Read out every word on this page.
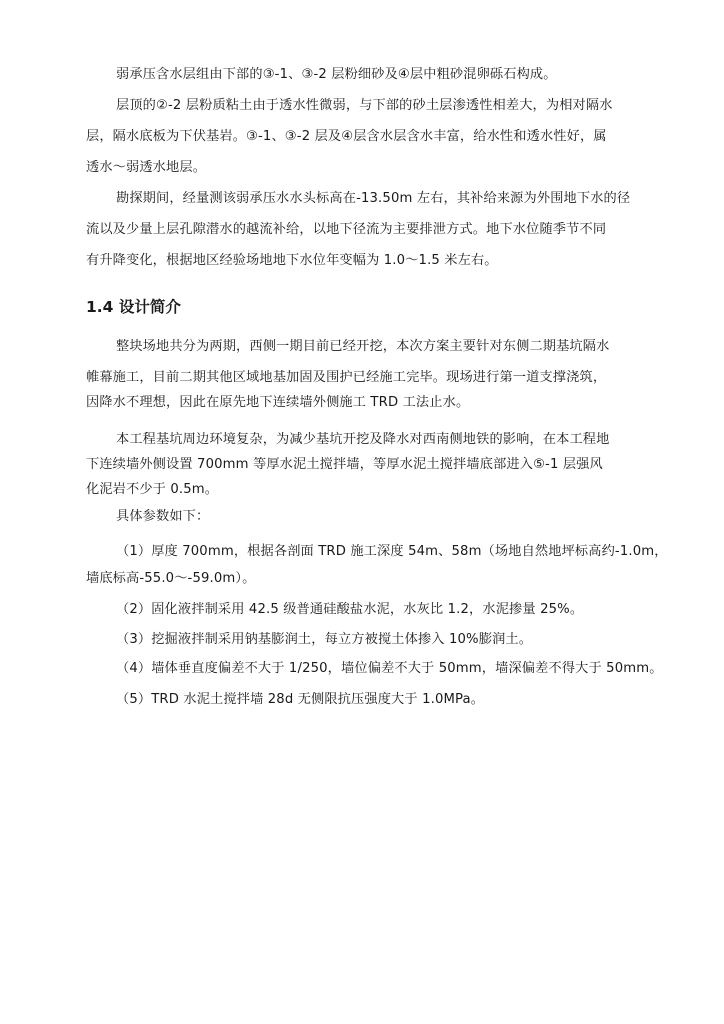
弱承压含水层组由下部的③-1、③-2 层粉细砂及④层中粗砂混卵砾石构成。
层顶的②-2 层粉质粘土由于透水性微弱，与下部的砂土层渗透性相差大，为相对隔水
层，隔水底板为下伏基岩。③-1、③-2 层及④层含水层含水丰富，给水性和透水性好，属
透水～弱透水地层。
勘探期间，经量测该弱承压水水头标高在-13.50m 左右，其补给来源为外围地下水的径
流以及少量上层孔隙潜水的越流补给，以地下径流为主要排泄方式。地下水位随季节不同
有升降变化，根据地区经验场地地下水位年变幅为 1.0～1.5 米左右。
1.4 设计简介
整块场地共分为两期，西侧一期目前已经开挖，本次方案主要针对东侧二期基坑隔水
帷幕施工，目前二期其他区域地基加固及围护已经施工完毕。现场进行第一道支撑浇筑，
因降水不理想，因此在原先地下连续墙外侧施工 TRD 工法止水。
本工程基坑周边环境复杂，为减少基坑开挖及降水对西南侧地铁的影响，在本工程地
下连续墙外侧设置 700mm 等厚水泥土搅拌墙，等厚水泥土搅拌墙底部进入⑤-1 层强风
化泥岩不少于 0.5m。
具体参数如下：
（1）厚度 700mm，根据各剖面 TRD 施工深度 54m、58m（场地自然地坪标高约-1.0m，
墙底标高-55.0～-59.0m）。
（2）固化液拌制采用 42.5 级普通硅酸盐水泥，水灰比 1.2，水泥掺量 25%。
（3）挖掘液拌制采用钠基膨润土，每立方被搅土体掺入 10%膨润土。
（4）墙体垂直度偏差不大于 1/250，墙位偏差不大于 50mm，墙深偏差不得大于 50mm。
（5）TRD 水泥土搅拌墙 28d 无侧限抗压强度大于 1.0MPa。
